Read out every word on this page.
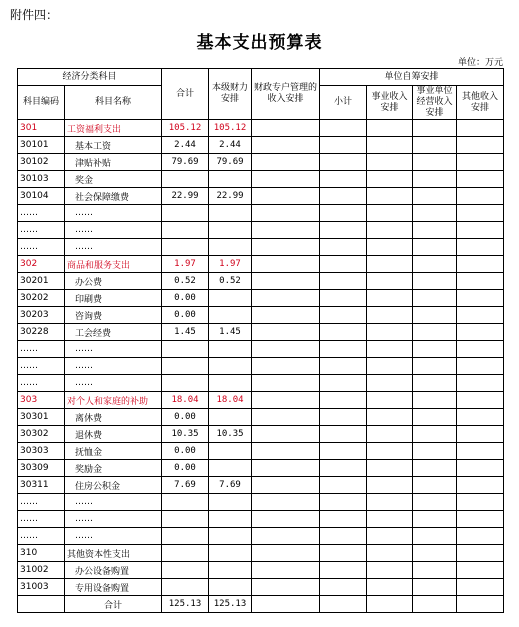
附件四：
基本支出预算表
单位：万元
经济分类科目		合计	本级财力安排	财政专户管理的收入安排	单位自筹安排			
科目编码	科目名称				小计	事业收入安排	事业单位经营收入安排	其他收入安排
301	工资福利支出	105.12	105.12					
30101	基本工资	2.44	2.44					
30102	津贴补贴	79.69	79.69					
30103	奖金							
30104	社会保障缴费	22.99	22.99					
……	……							
……	……							
……	……							
302	商品和服务支出	1.97	1.97					
30201	办公费	0.52	0.52					
30202	印刷费	0.00						
30203	咨询费	0.00						
30228	工会经费	1.45	1.45					
……	……							
……	……							
……	……							
303	对个人和家庭的补助	18.04	18.04					
30301	离休费	0.00						
30302	退休费	10.35	10.35					
30303	抚恤金	0.00						
30309	奖励金	0.00						
30311	住房公积金	7.69	7.69					
……	……							
……	……							
……	……							
310	其他资本性支出							
31002	办公设备购置							
31003	专用设备购置							
	合计	125.13	125.13					
